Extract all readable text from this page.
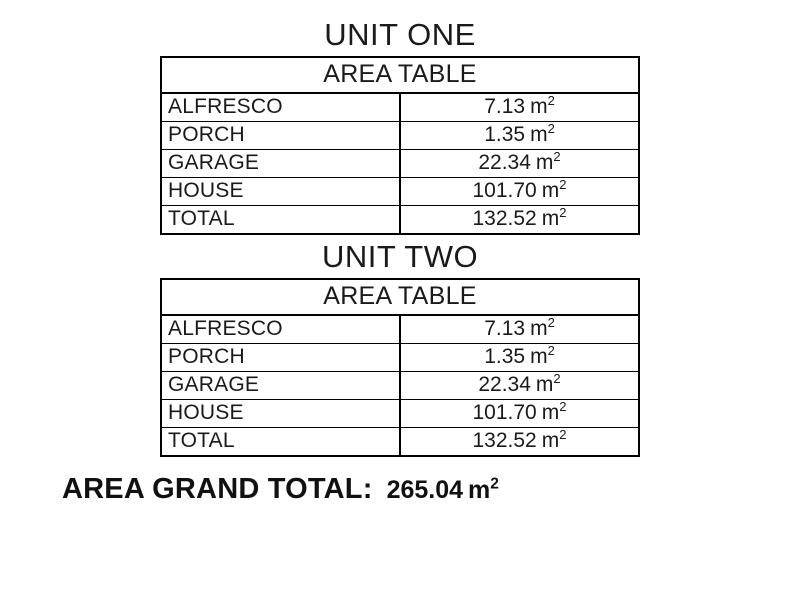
UNIT ONE
AREA TABLE	
ALFRESCO	7.13 $m^2$
PORCH	1.35 $m^2$
GARAGE	22.34 $m^2$
HOUSE	101.70 $m^2$
TOTAL	132.52 $m^2$
UNIT TWO
AREA TABLE	
ALFRESCO	7.13 $m^2$
PORCH	1.35 $m^2$
GARAGE	22.34 $m^2$
HOUSE	101.70 $m^2$
TOTAL	132.52 $m^2$
AREA GRAND TOTAL: 265.04 $m^2$
